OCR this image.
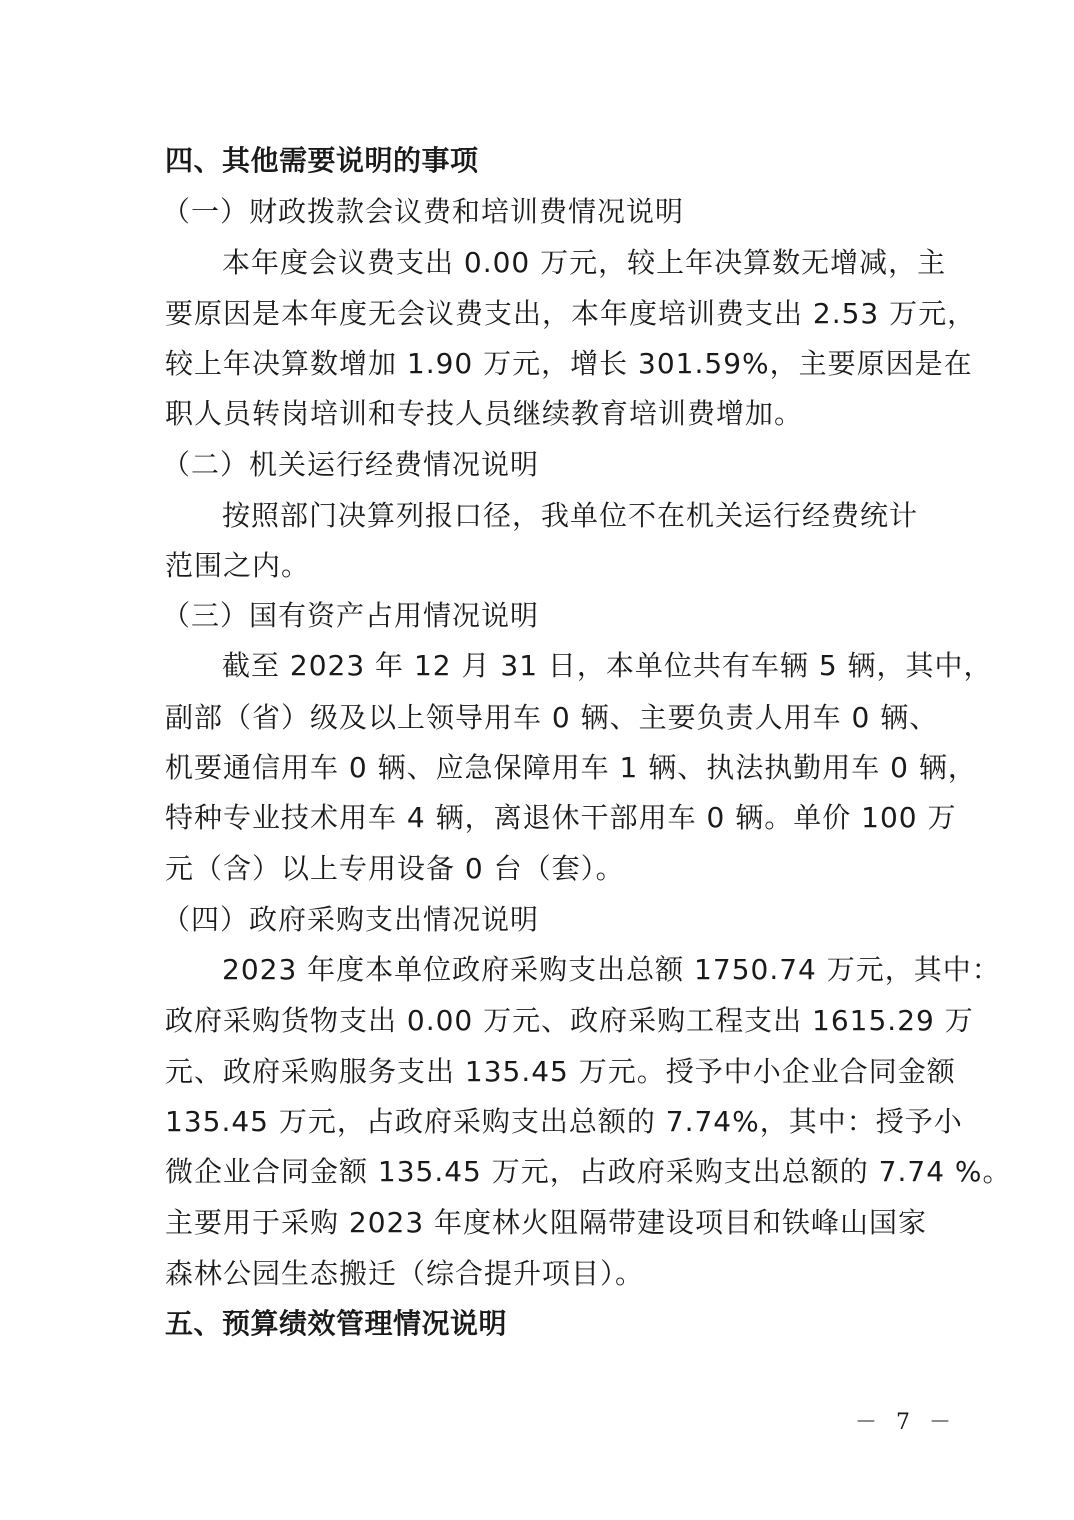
四、其他需要说明的事项
（一）财政拨款会议费和培训费情况说明
本年度会议费支出 0.00 万元，较上年决算数无增减，主
要原因是本年度无会议费支出，本年度培训费支出 2.53 万元，
较上年决算数增加 1.90 万元，增长 301.59%，主要原因是在
职人员转岗培训和专技人员继续教育培训费增加。
（二）机关运行经费情况说明
按照部门决算列报口径，我单位不在机关运行经费统计
范围之内。
（三）国有资产占用情况说明
截至 2023 年 12 月 31 日，本单位共有车辆 5 辆，其中，
副部（省）级及以上领导用车 0 辆、主要负责人用车 0 辆、
机要通信用车 0 辆、应急保障用车 1 辆、执法执勤用车 0 辆，
特种专业技术用车 4 辆，离退休干部用车 0 辆。单价 100 万
元（含）以上专用设备 0 台（套）。
（四）政府采购支出情况说明
2023 年度本单位政府采购支出总额 1750.74 万元，其中：
政府采购货物支出 0.00 万元、政府采购工程支出 1615.29 万
元、政府采购服务支出 135.45 万元。授予中小企业合同金额
135.45 万元，占政府采购支出总额的 7.74%，其中：授予小
微企业合同金额 135.45 万元，占政府采购支出总额的 7.74 %。
主要用于采购 2023 年度林火阻隔带建设项目和铁峰山国家
森林公园生态搬迁（综合提升项目）。
五、预算绩效管理情况说明
－ 7 －
